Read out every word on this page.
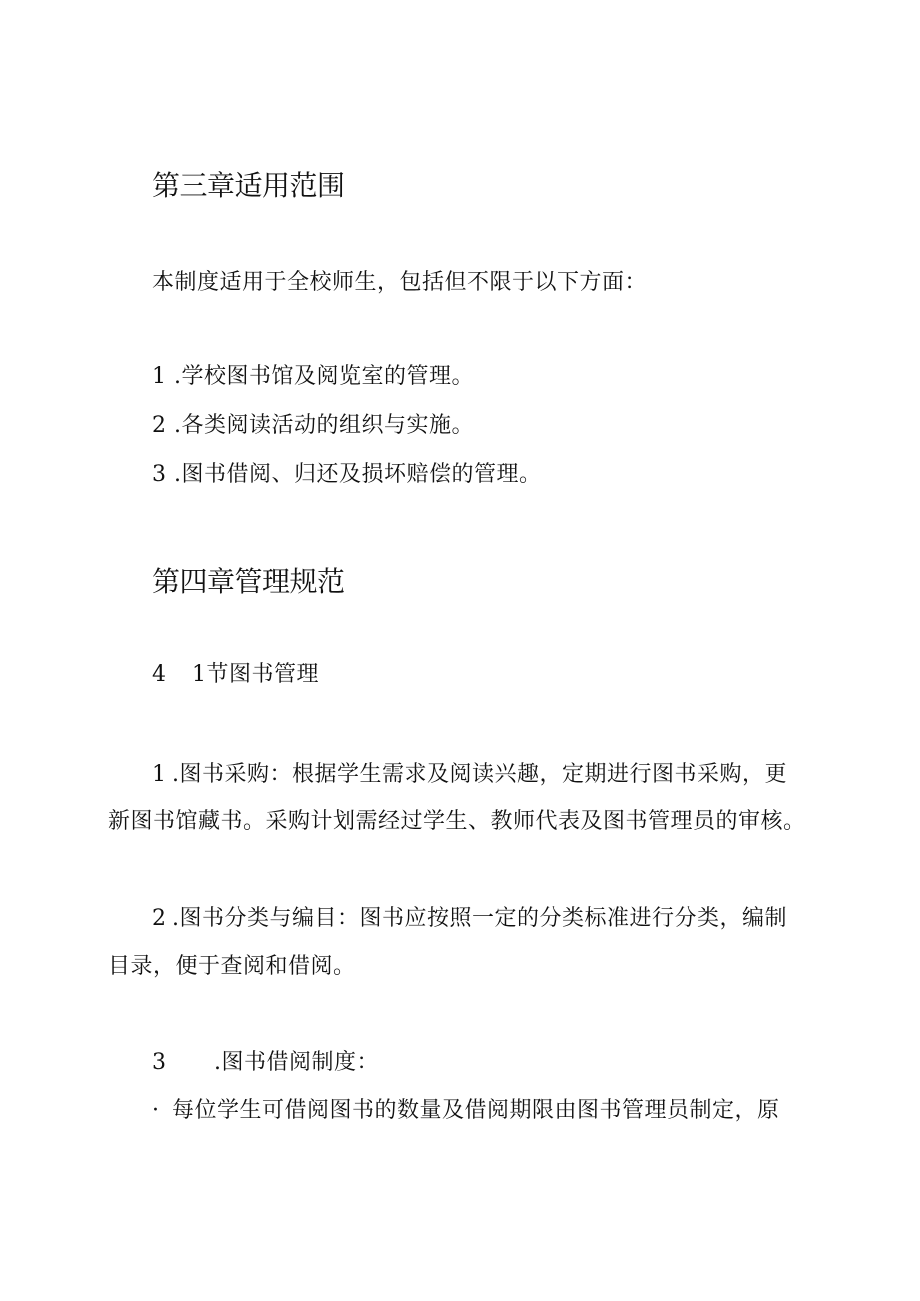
第三章适用范围
本制度适用于全校师生，包括但不限于以下方面：
1 .学校图书馆及阅览室的管理。
2 .各类阅读活动的组织与实施。
3 .图书借阅、归还及损坏赔偿的管理。
第四章管理规范
4 1节图书管理
1 .图书采购：根据学生需求及阅读兴趣，定期进行图书采购，更
新图书馆藏书。采购计划需经过学生、教师代表及图书管理员的审核。
2 .图书分类与编目：图书应按照一定的分类标准进行分类，编制
目录，便于查阅和借阅。
3 .图书借阅制度：
· 每位学生可借阅图书的数量及借阅期限由图书管理员制定，原
